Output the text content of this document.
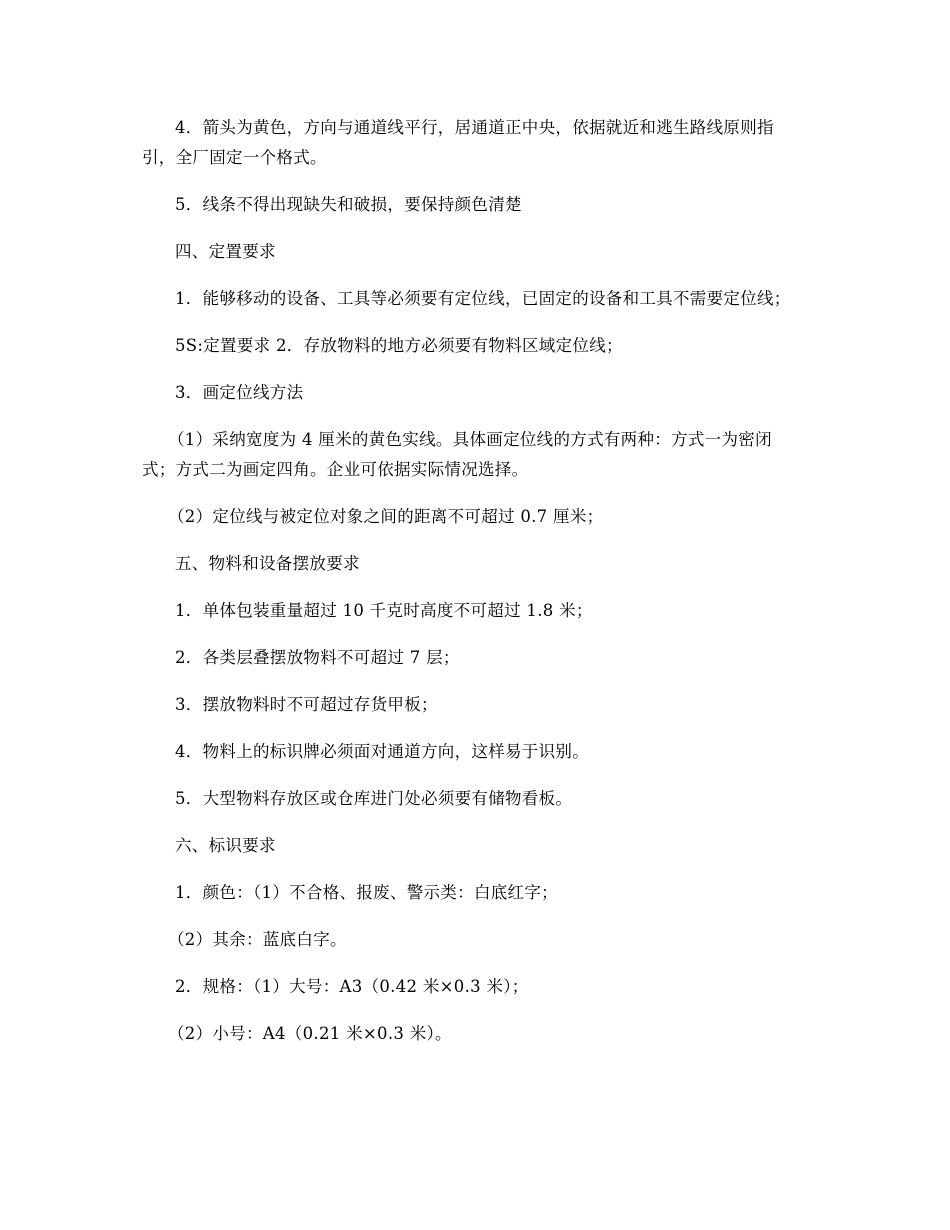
4．箭头为黄色，方向与通道线平行，居通道正中央，依据就近和逃生路线原则指引，全厂固定一个格式。

5．线条不得出现缺失和破损，要保持颜色清楚

四、定置要求

1．能够移动的设备、工具等必须要有定位线，已固定的设备和工具不需要定位线；

5S:定置要求 2．存放物料的地方必须要有物料区域定位线；

3．画定位线方法

（1）采纳宽度为 4 厘米的黄色实线。具体画定位线的方式有两种：方式一为密闭式；方式二为画定四角。企业可依据实际情况选择。

（2）定位线与被定位对象之间的距离不可超过 0.7 厘米；

五、物料和设备摆放要求

1．单体包装重量超过 10 千克时高度不可超过 1.8 米；

2．各类层叠摆放物料不可超过 7 层；

3．摆放物料时不可超过存货甲板；

4．物料上的标识牌必须面对通道方向，这样易于识别。

5．大型物料存放区或仓库进门处必须要有储物看板。

六、标识要求

1．颜色：（1）不合格、报废、警示类：白底红字；

（2）其余：蓝底白字。

2．规格：（1）大号：A3（0.42 米×0.3 米）；

（2）小号：A4（0.21 米×0.3 米）。
